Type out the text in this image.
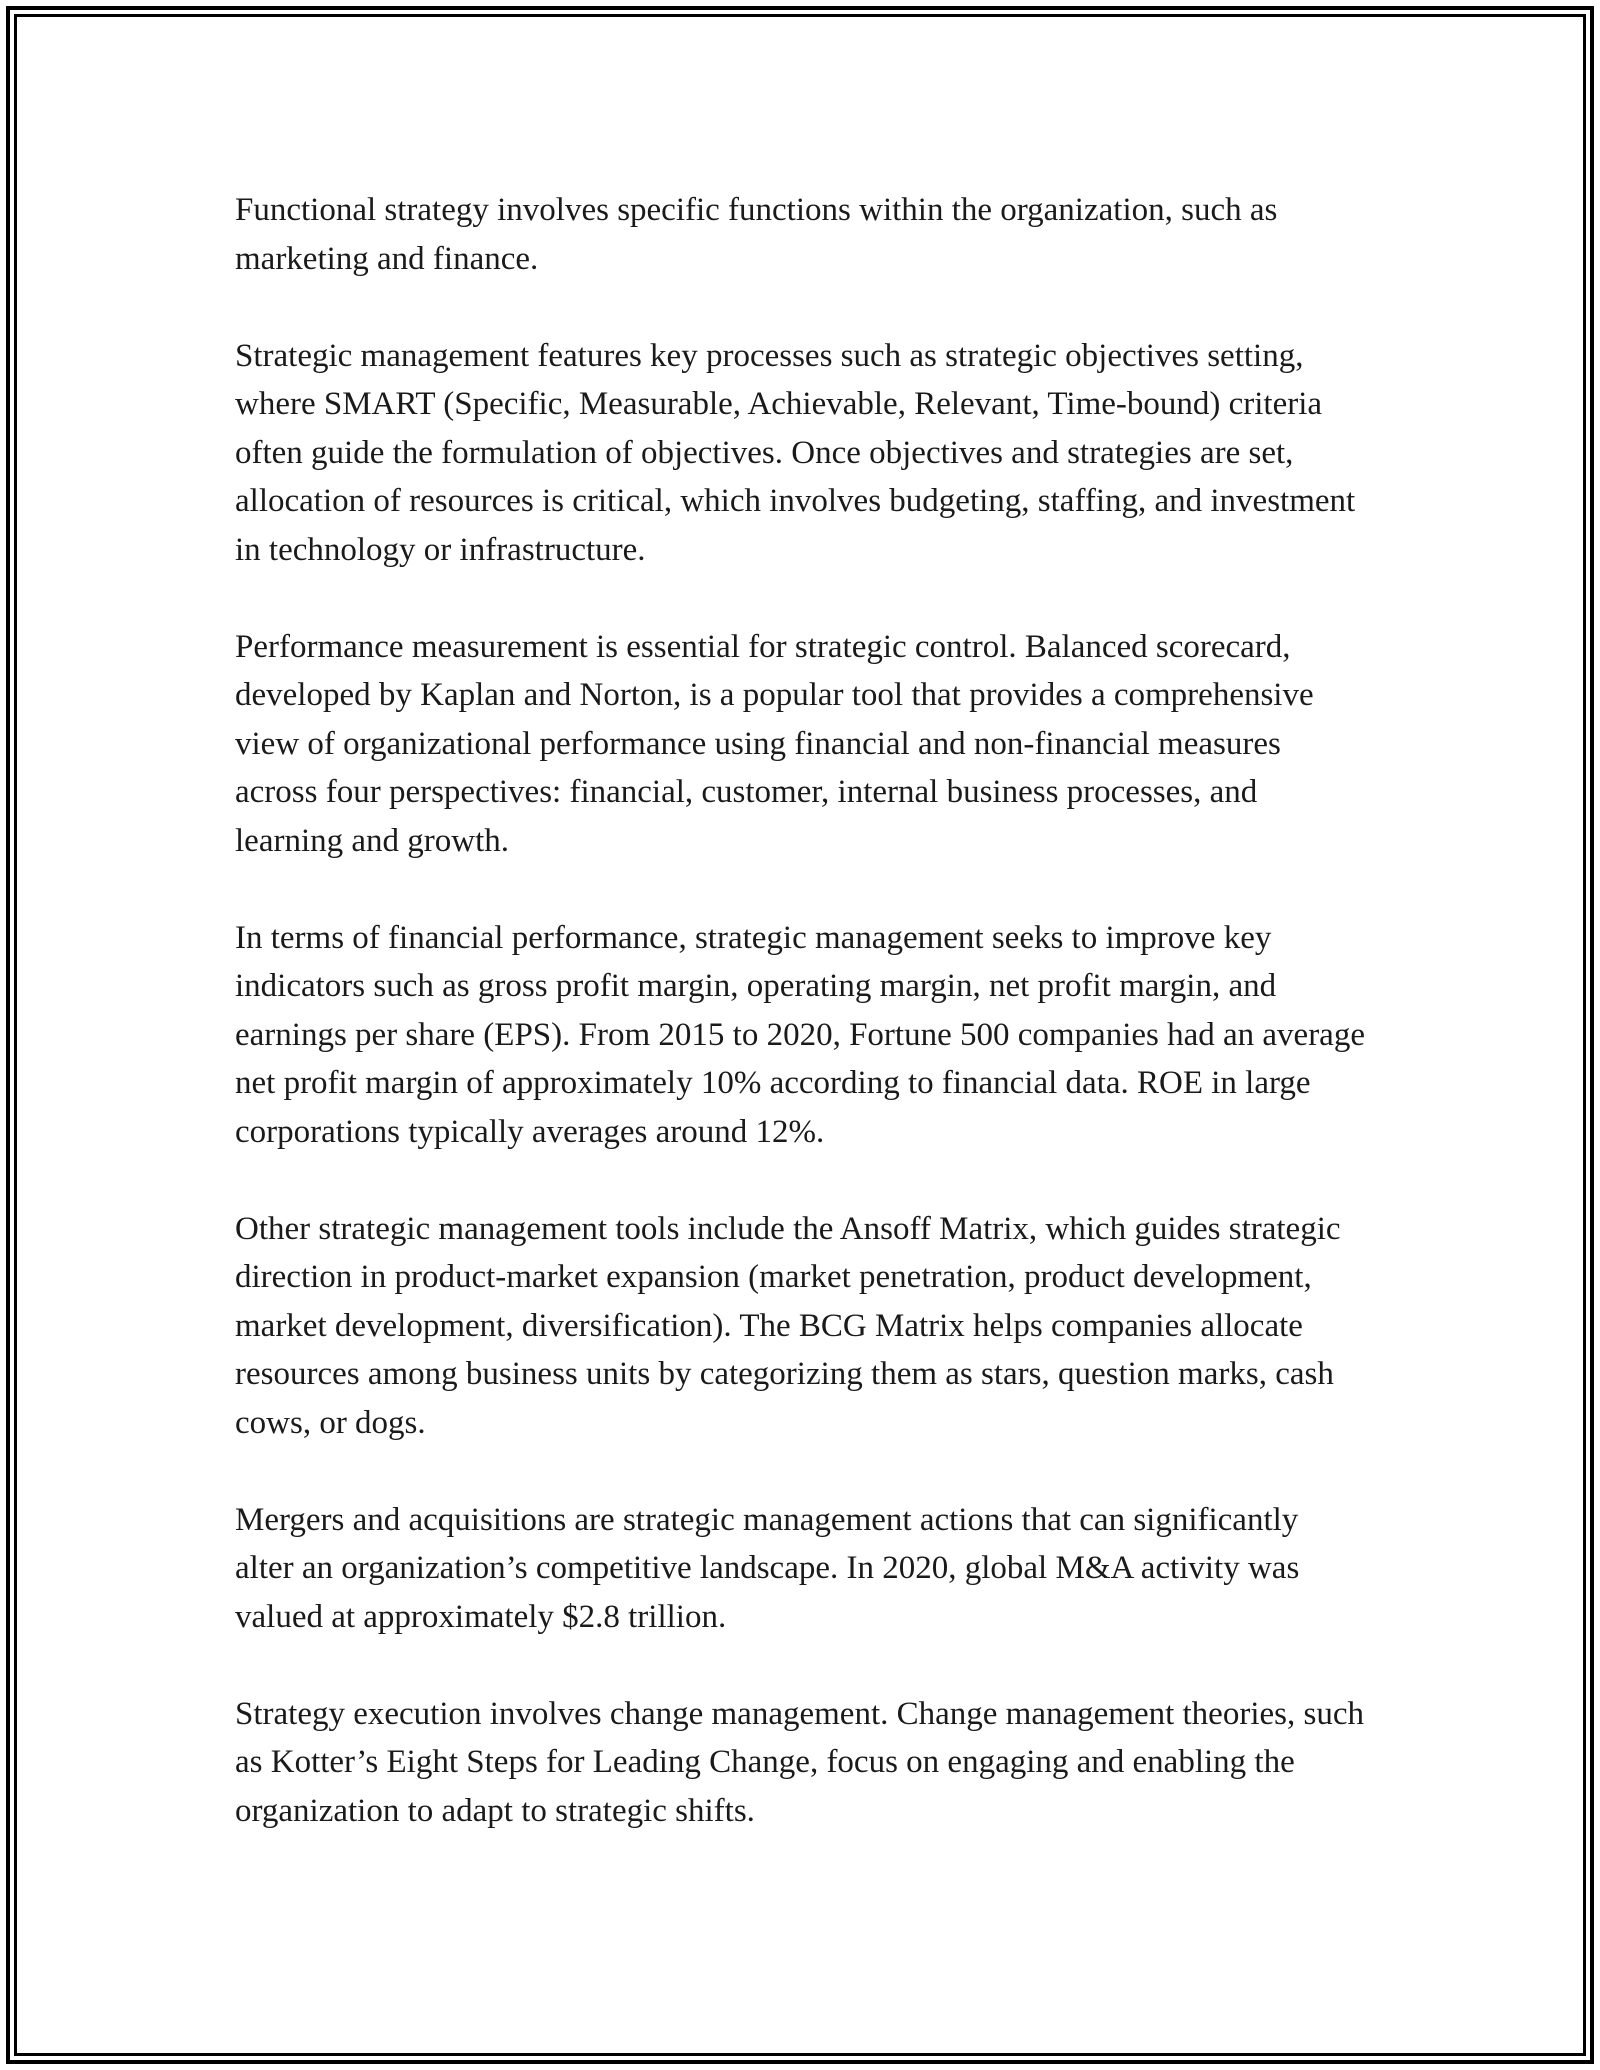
Functional strategy involves specific functions within the organization, such as marketing and finance.

Strategic management features key processes such as strategic objectives setting, where SMART (Specific, Measurable, Achievable, Relevant, Time-bound) criteria often guide the formulation of objectives. Once objectives and strategies are set, allocation of resources is critical, which involves budgeting, staffing, and investment in technology or infrastructure.

Performance measurement is essential for strategic control. Balanced scorecard, developed by Kaplan and Norton, is a popular tool that provides a comprehensive view of organizational performance using financial and non-financial measures across four perspectives: financial, customer, internal business processes, and learning and growth.

In terms of financial performance, strategic management seeks to improve key indicators such as gross profit margin, operating margin, net profit margin, and earnings per share (EPS). From 2015 to 2020, Fortune 500 companies had an average net profit margin of approximately 10% according to financial data. ROE in large corporations typically averages around 12%.

Other strategic management tools include the Ansoff Matrix, which guides strategic direction in product-market expansion (market penetration, product development, market development, diversification). The BCG Matrix helps companies allocate resources among business units by categorizing them as stars, question marks, cash cows, or dogs.

Mergers and acquisitions are strategic management actions that can significantly alter an organization’s competitive landscape. In 2020, global M&A activity was valued at approximately $2.8 trillion.

Strategy execution involves change management. Change management theories, such as Kotter’s Eight Steps for Leading Change, focus on engaging and enabling the organization to adapt to strategic shifts.
